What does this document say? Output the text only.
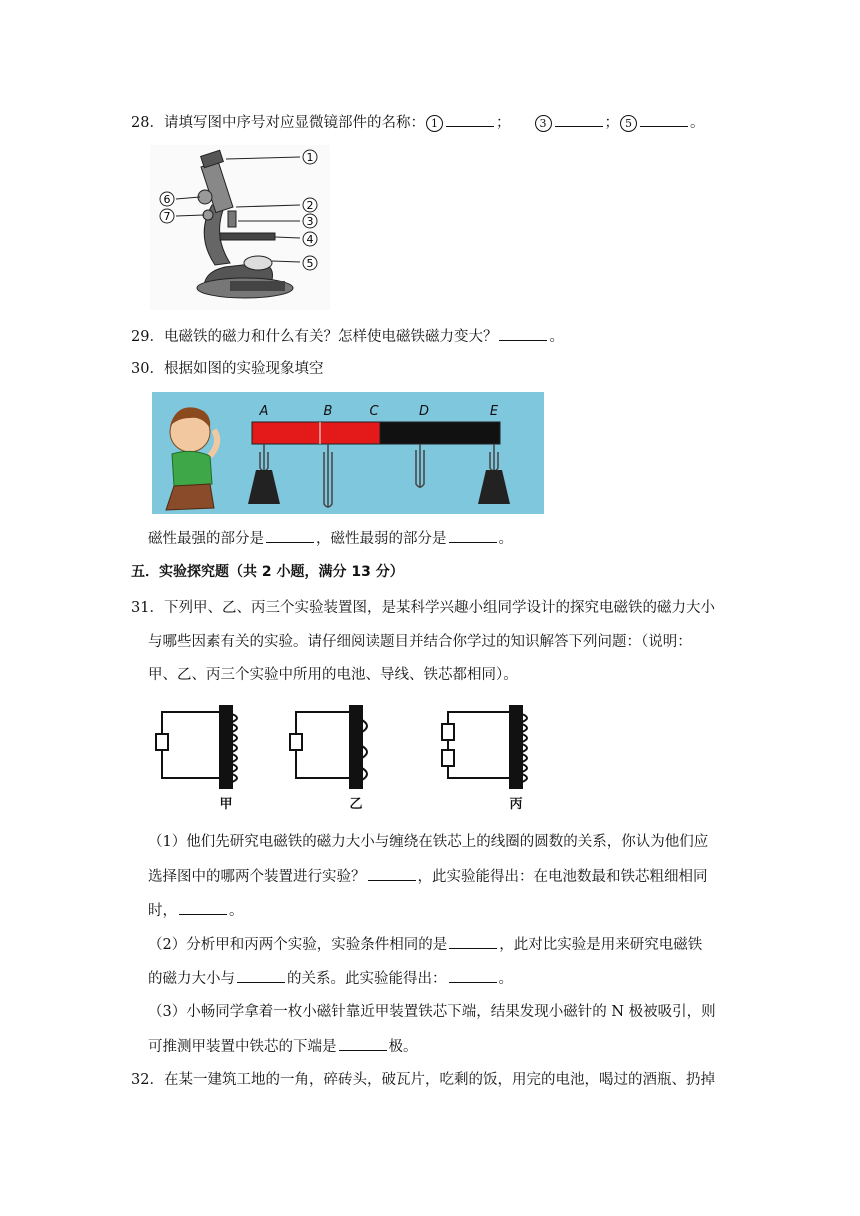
28．请填写图中序号对应显微镜部件的名称： 1	；	3	； 5	。
1
2
3
4
5
6
7
29．电磁铁的磁力和什么有关？怎样使电磁铁磁力变大？	。
30．根据如图的实验现象填空
A	B	C	D	E
磁性最强的部分是	，磁性最弱的部分是	。
五．实验探究题（共 2 小题，满分 13 分）
31．下列甲、乙、丙三个实验装置图，是某科学兴趣小组同学设计的探究电磁铁的磁力大小
与哪些因素有关的实验。请仔细阅读题目并结合你学过的知识解答下列问题：（说明：
甲、乙、丙三个实验中所用的电池、导线、铁芯都相同）。
甲	乙	丙
（1）他们先研究电磁铁的磁力大小与缠绕在铁芯上的线圈的圆数的关系，你认为他们应
选择图中的哪两个装置进行实验？	，此实验能得出：在电池数最和铁芯粗细相同
时，	。
（2）分析甲和丙两个实验，实验条件相同的是	，此对比实验是用来研究电磁铁
的磁力大小与	的关系。此实验能得出：	。
（3）小畅同学拿着一枚小磁针靠近甲装置铁芯下端，结果发现小磁针的 N 极被吸引，则
可推测甲装置中铁芯的下端是	极。
32．在某一建筑工地的一角，碎砖头，破瓦片，吃剩的饭，用完的电池，喝过的酒瓶、扔掉
